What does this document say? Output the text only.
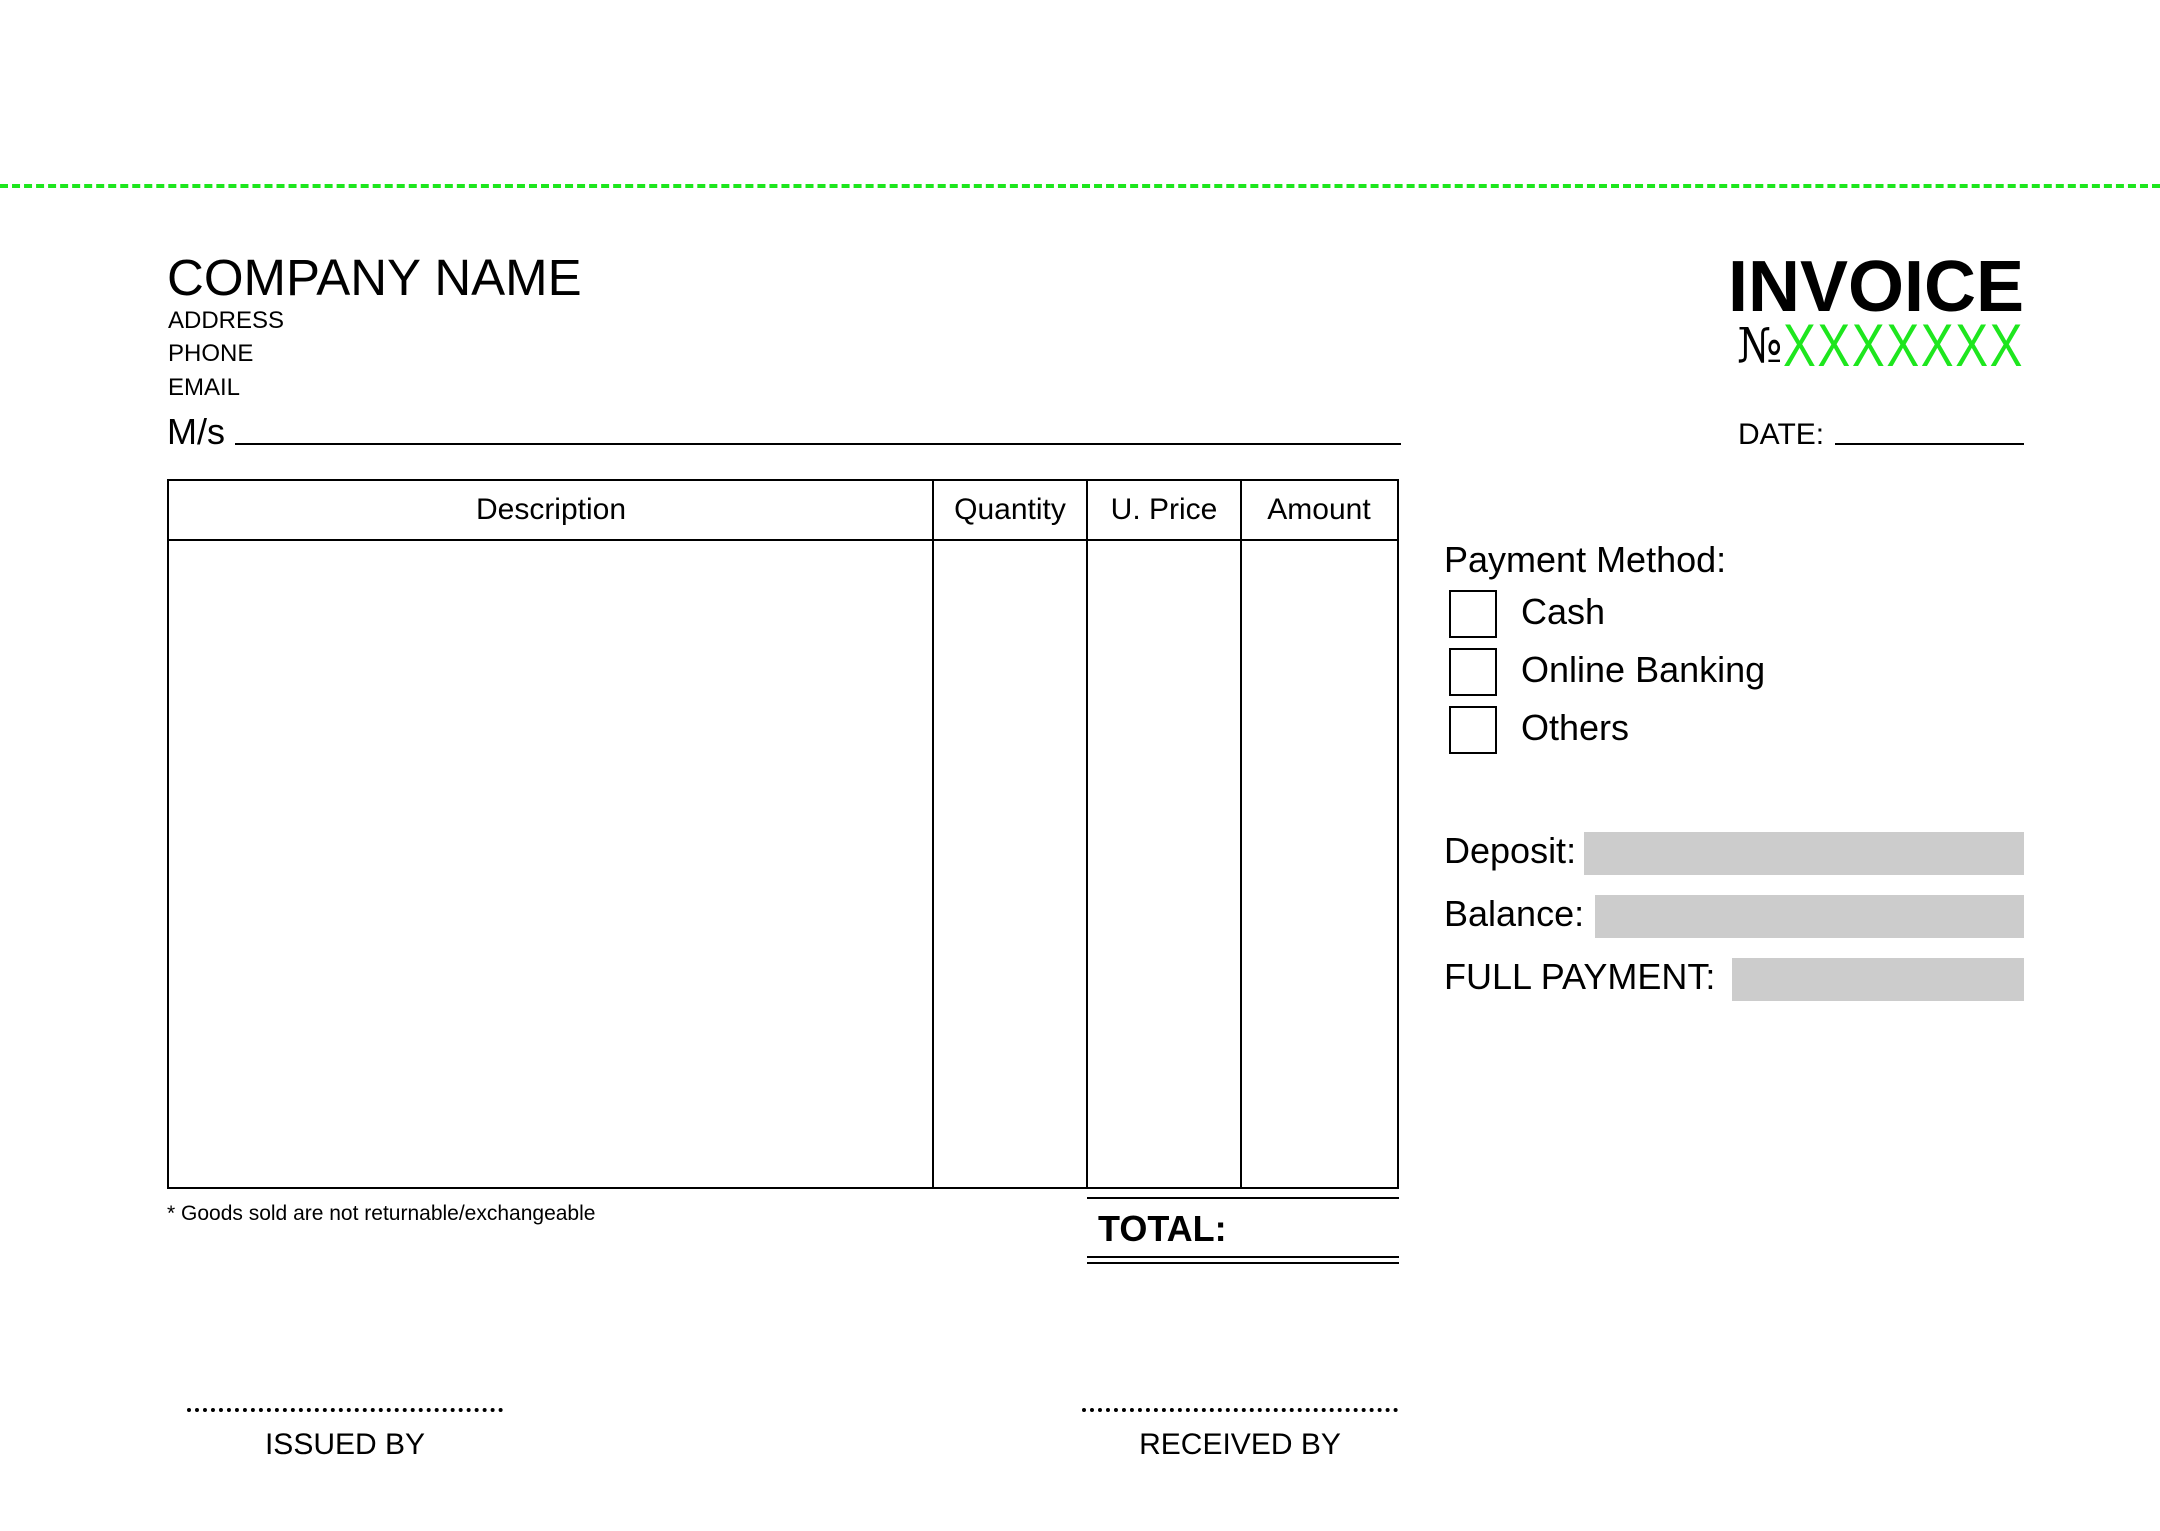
COMPANY NAME
ADDRESS
PHONE
EMAIL
M/s
INVOICE
№ XXXXXXX
DATE:
Description	Quantity	U. Price	Amount
* Goods sold are not returnable/exchangeable	TOTAL:
Payment Method:
Cash
Online Banking
Others
Deposit:
Balance:
FULL PAYMENT:
ISSUED BY	RECEIVED BY
